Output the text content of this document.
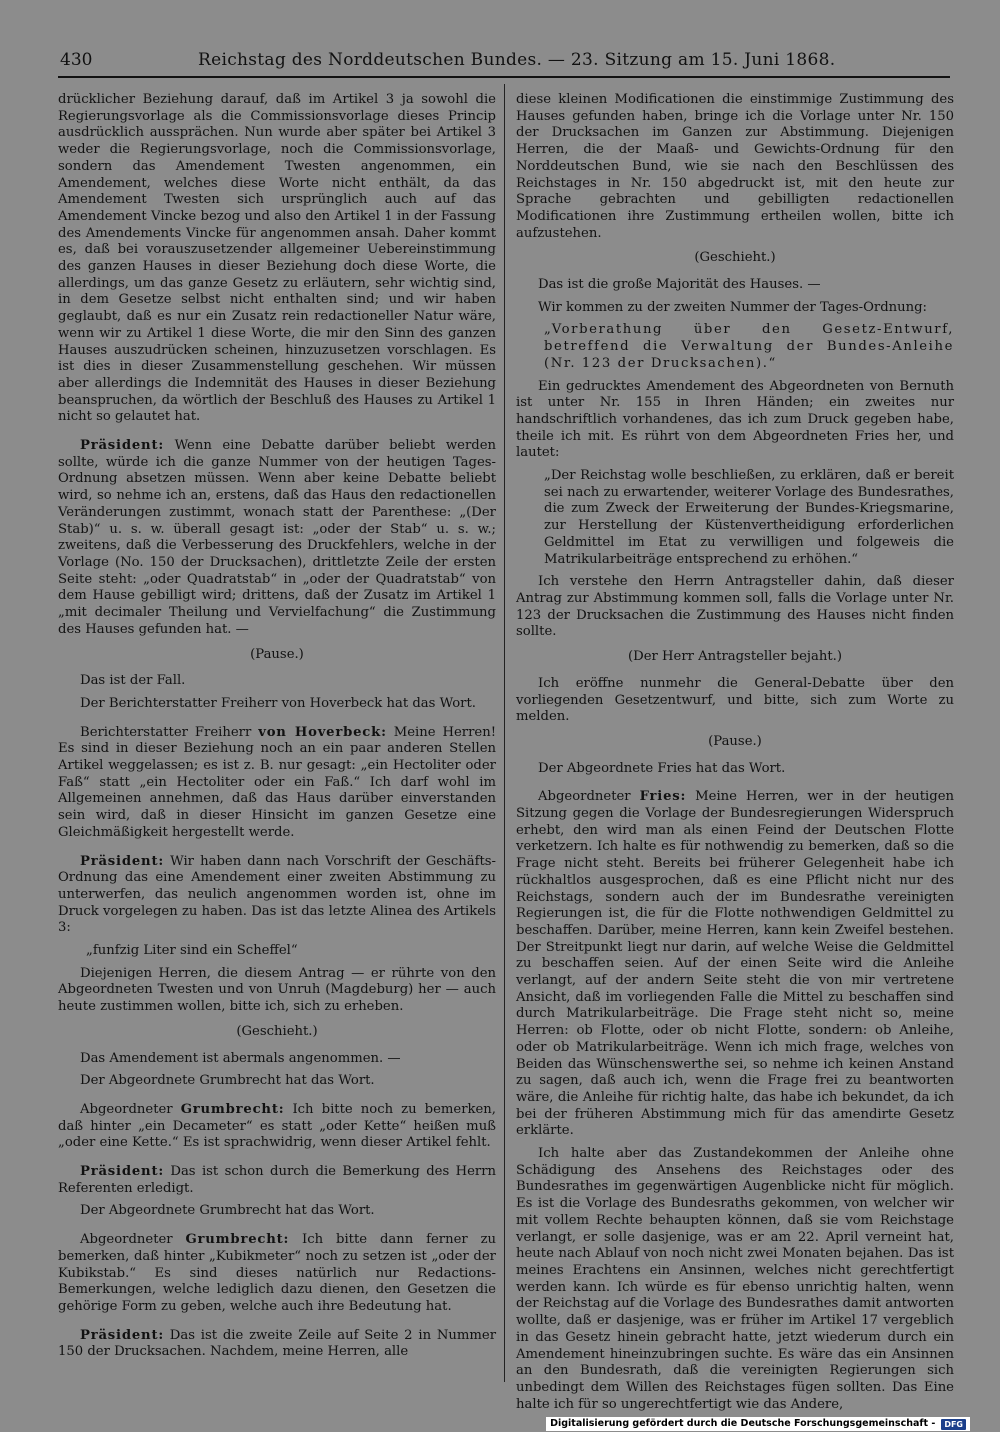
430	Reichstag des Norddeutschen Bundes. — 23. Sitzung am 15. Juni 1868.

drücklicher Beziehung darauf, daß im Artikel 3 ja sowohl die Regierungsvorlage als die Commissionsvorlage dieses Princip ausdrücklich aussprächen. Nun wurde aber später bei Artikel 3 weder die Regierungsvorlage, noch die Commissionsvorlage, sondern das Amendement Twesten angenommen, ein Amendement, welches diese Worte nicht enthält, da das Amendement Twesten sich ursprünglich auch auf das Amendement Vincke bezog und also den Artikel 1 in der Fassung des Amendements Vincke für angenommen ansah. Daher kommt es, daß bei vorauszusetzender allgemeiner Uebereinstimmung des ganzen Hauses in dieser Beziehung doch diese Worte, die allerdings, um das ganze Gesetz zu erläutern, sehr wichtig sind, in dem Gesetze selbst nicht enthalten sind; und wir haben geglaubt, daß es nur ein Zusatz rein redactioneller Natur wäre, wenn wir zu Artikel 1 diese Worte, die mir den Sinn des ganzen Hauses auszudrücken scheinen, hinzuzusetzen vorschlagen. Es ist dies in dieser Zusammenstellung geschehen. Wir müssen aber allerdings die Indemnität des Hauses in dieser Beziehung beanspruchen, da wörtlich der Beschluß des Hauses zu Artikel 1 nicht so gelautet hat.

Präsident: Wenn eine Debatte darüber beliebt werden sollte, würde ich die ganze Nummer von der heutigen Tages-Ordnung absetzen müssen. Wenn aber keine Debatte beliebt wird, so nehme ich an, erstens, daß das Haus den redactionellen Veränderungen zustimmt, wonach statt der Parenthese: „(Der Stab)“ u. s. w. überall gesagt ist: „oder der Stab“ u. s. w.; zweitens, daß die Verbesserung des Druckfehlers, welche in der Vorlage (No. 150 der Drucksachen), drittletzte Zeile der ersten Seite steht: „oder Quadratstab“ in „oder der Quadratstab“ von dem Hause gebilligt wird; drittens, daß der Zusatz im Artikel 1 „mit decimaler Theilung und Vervielfachung“ die Zustimmung des Hauses gefunden hat. —

(Pause.)

Das ist der Fall.

Der Berichterstatter Freiherr von Hoverbeck hat das Wort.

Berichterstatter Freiherr von Hoverbeck: Meine Herren! Es sind in dieser Beziehung noch an ein paar anderen Stellen Artikel weggelassen; es ist z. B. nur gesagt: „ein Hectoliter oder Faß“ statt „ein Hectoliter oder ein Faß.“ Ich darf wohl im Allgemeinen annehmen, daß das Haus darüber einverstanden sein wird, daß in dieser Hinsicht im ganzen Gesetze eine Gleichmäßigkeit hergestellt werde.

Präsident: Wir haben dann nach Vorschrift der Geschäfts-Ordnung das eine Amendement einer zweiten Abstimmung zu unterwerfen, das neulich angenommen worden ist, ohne im Druck vorgelegen zu haben. Das ist das letzte Alinea des Artikels 3:

„funfzig Liter sind ein Scheffel“

Diejenigen Herren, die diesem Antrag — er rührte von den Abgeordneten Twesten und von Unruh (Magdeburg) her — auch heute zustimmen wollen, bitte ich, sich zu erheben.

(Geschieht.)

Das Amendement ist abermals angenommen. —

Der Abgeordnete Grumbrecht hat das Wort.

Abgeordneter Grumbrecht: Ich bitte noch zu bemerken, daß hinter „ein Decameter“ es statt „oder Kette“ heißen muß „oder eine Kette.“ Es ist sprachwidrig, wenn dieser Artikel fehlt.

Präsident: Das ist schon durch die Bemerkung des Herrn Referenten erledigt.

Der Abgeordnete Grumbrecht hat das Wort.

Abgeordneter Grumbrecht: Ich bitte dann ferner zu bemerken, daß hinter „Kubikmeter“ noch zu setzen ist „oder der Kubikstab.“ Es sind dieses natürlich nur Redactions-Bemerkungen, welche lediglich dazu dienen, den Gesetzen die gehörige Form zu geben, welche auch ihre Bedeutung hat.

Präsident: Das ist die zweite Zeile auf Seite 2 in Nummer 150 der Drucksachen. Nachdem, meine Herren, alle

diese kleinen Modificationen die einstimmige Zustimmung des Hauses gefunden haben, bringe ich die Vorlage unter Nr. 150 der Drucksachen im Ganzen zur Abstimmung. Diejenigen Herren, die der Maaß- und Gewichts-Ordnung für den Norddeutschen Bund, wie sie nach den Beschlüssen des Reichstages in Nr. 150 abgedruckt ist, mit den heute zur Sprache gebrachten und gebilligten redactionellen Modificationen ihre Zustimmung ertheilen wollen, bitte ich aufzustehen.

(Geschieht.)

Das ist die große Majorität des Hauses. —

Wir kommen zu der zweiten Nummer der Tages-Ordnung:

„Vorberathung über den Gesetz-Entwurf, betreffend die Verwaltung der Bundes-Anleihe (Nr. 123 der Drucksachen).“

Ein gedrucktes Amendement des Abgeordneten von Bernuth ist unter Nr. 155 in Ihren Händen; ein zweites nur handschriftlich vorhandenes, das ich zum Druck gegeben habe, theile ich mit. Es rührt von dem Abgeordneten Fries her, und lautet:

„Der Reichstag wolle beschließen, zu erklären, daß er bereit sei nach zu erwartender, weiterer Vorlage des Bundesrathes, die zum Zweck der Erweiterung der Bundes-Kriegsmarine, zur Herstellung der Küstenvertheidigung erforderlichen Geldmittel im Etat zu verwilligen und folgeweis die Matrikularbeiträge entsprechend zu erhöhen.“

Ich verstehe den Herrn Antragsteller dahin, daß dieser Antrag zur Abstimmung kommen soll, falls die Vorlage unter Nr. 123 der Drucksachen die Zustimmung des Hauses nicht finden sollte.

(Der Herr Antragsteller bejaht.)

Ich eröffne nunmehr die General-Debatte über den vorliegenden Gesetzentwurf, und bitte, sich zum Worte zu melden.

(Pause.)

Der Abgeordnete Fries hat das Wort.

Abgeordneter Fries: Meine Herren, wer in der heutigen Sitzung gegen die Vorlage der Bundesregierungen Widerspruch erhebt, den wird man als einen Feind der Deutschen Flotte verketzern. Ich halte es für nothwendig zu bemerken, daß so die Frage nicht steht. Bereits bei früherer Gelegenheit habe ich rückhaltlos ausgesprochen, daß es eine Pflicht nicht nur des Reichstags, sondern auch der im Bundesrathe vereinigten Regierungen ist, die für die Flotte nothwendigen Geldmittel zu beschaffen. Darüber, meine Herren, kann kein Zweifel bestehen. Der Streitpunkt liegt nur darin, auf welche Weise die Geldmittel zu beschaffen seien. Auf der einen Seite wird die Anleihe verlangt, auf der andern Seite steht die von mir vertretene Ansicht, daß im vorliegenden Falle die Mittel zu beschaffen sind durch Matrikularbeiträge. Die Frage steht nicht so, meine Herren: ob Flotte, oder ob nicht Flotte, sondern: ob Anleihe, oder ob Matrikularbeiträge. Wenn ich mich frage, welches von Beiden das Wünschenswerthe sei, so nehme ich keinen Anstand zu sagen, daß auch ich, wenn die Frage frei zu beantworten wäre, die Anleihe für richtig halte, das habe ich bekundet, da ich bei der früheren Abstimmung mich für das amendirte Gesetz erklärte.

Ich halte aber das Zustandekommen der Anleihe ohne Schädigung des Ansehens des Reichstages oder des Bundesrathes im gegenwärtigen Augenblicke nicht für möglich. Es ist die Vorlage des Bundesraths gekommen, von welcher wir mit vollem Rechte behaupten können, daß sie vom Reichstage verlangt, er solle dasjenige, was er am 22. April verneint hat, heute nach Ablauf von noch nicht zwei Monaten bejahen. Das ist meines Erachtens ein Ansinnen, welches nicht gerechtfertigt werden kann. Ich würde es für ebenso unrichtig halten, wenn der Reichstag auf die Vorlage des Bundesrathes damit antworten wollte, daß er dasjenige, was er früher im Artikel 17 vergeblich in das Gesetz hinein gebracht hatte, jetzt wiederum durch ein Amendement hineinzubringen suchte. Es wäre das ein Ansinnen an den Bundesrath, daß die vereinigten Regierungen sich unbedingt dem Willen des Reichstages fügen sollten. Das Eine halte ich für so ungerechtfertigt wie das Andere,

Digitalisierung gefördert durch die Deutsche Forschungsgemeinschaft -	DFG
